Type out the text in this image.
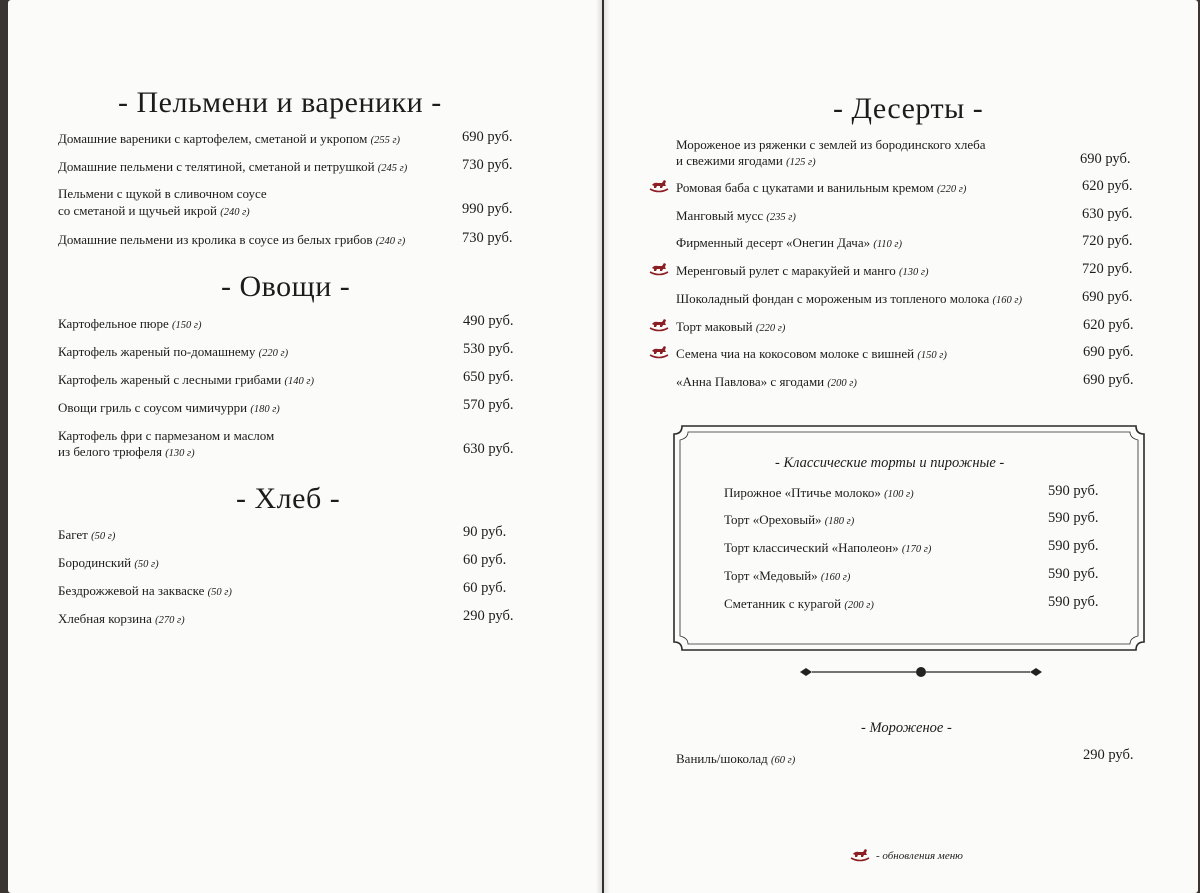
- Пельмени и вареники -
Домашние вареники с картофелем, сметаной и укропом (255 г)	690 руб.
Домашние пельмени с телятиной, сметаной и петрушкой (245 г)	730 руб.
Пельмени с щукой в сливочном соусе
со сметаной и щучьей икрой (240 г)	990 руб.
Домашние пельмени из кролика в соусе из белых грибов (240 г)	730 руб.
- Овощи -
Картофельное пюре (150 г)	490 руб.
Картофель жареный по-домашнему (220 г)	530 руб.
Картофель жареный с лесными грибами (140 г)	650 руб.
Овощи гриль с соусом чимичурри (180 г)	570 руб.
Картофель фри с пармезаном и маслом
из белого трюфеля (130 г)	630 руб.
- Хлеб -
Багет (50 г)	90 руб.
Бородинский (50 г)	60 руб.
Бездрожжевой на закваске (50 г)	60 руб.
Хлебная корзина (270 г)	290 руб.
- Десерты -
Мороженое из ряженки с землей из бородинского хлеба
и свежими ягодами (125 г)	690 руб.
Ромовая баба с цукатами и ванильным кремом (220 г)	620 руб.
Манговый мусс (235 г)	630 руб.
Фирменный десерт «Онегин Дача» (110 г)	720 руб.
Меренговый рулет с маракуйей и манго (130 г)	720 руб.
Шоколадный фондан с мороженым из топленого молока (160 г)	690 руб.
Торт маковый (220 г)	620 руб.
Семена чиа на кокосовом молоке с вишней (150 г)	690 руб.
«Анна Павлова» с ягодами (200 г)	690 руб.
- Классические торты и пирожные -
Пирожное «Птичье молоко» (100 г)	590 руб.
Торт «Ореховый» (180 г)	590 руб.
Торт классический «Наполеон» (170 г)	590 руб.
Торт «Медовый» (160 г)	590 руб.
Сметанник с курагой (200 г)	590 руб.
- Мороженое -
Ваниль/шоколад (60 г)	290 руб.
- обновления меню
